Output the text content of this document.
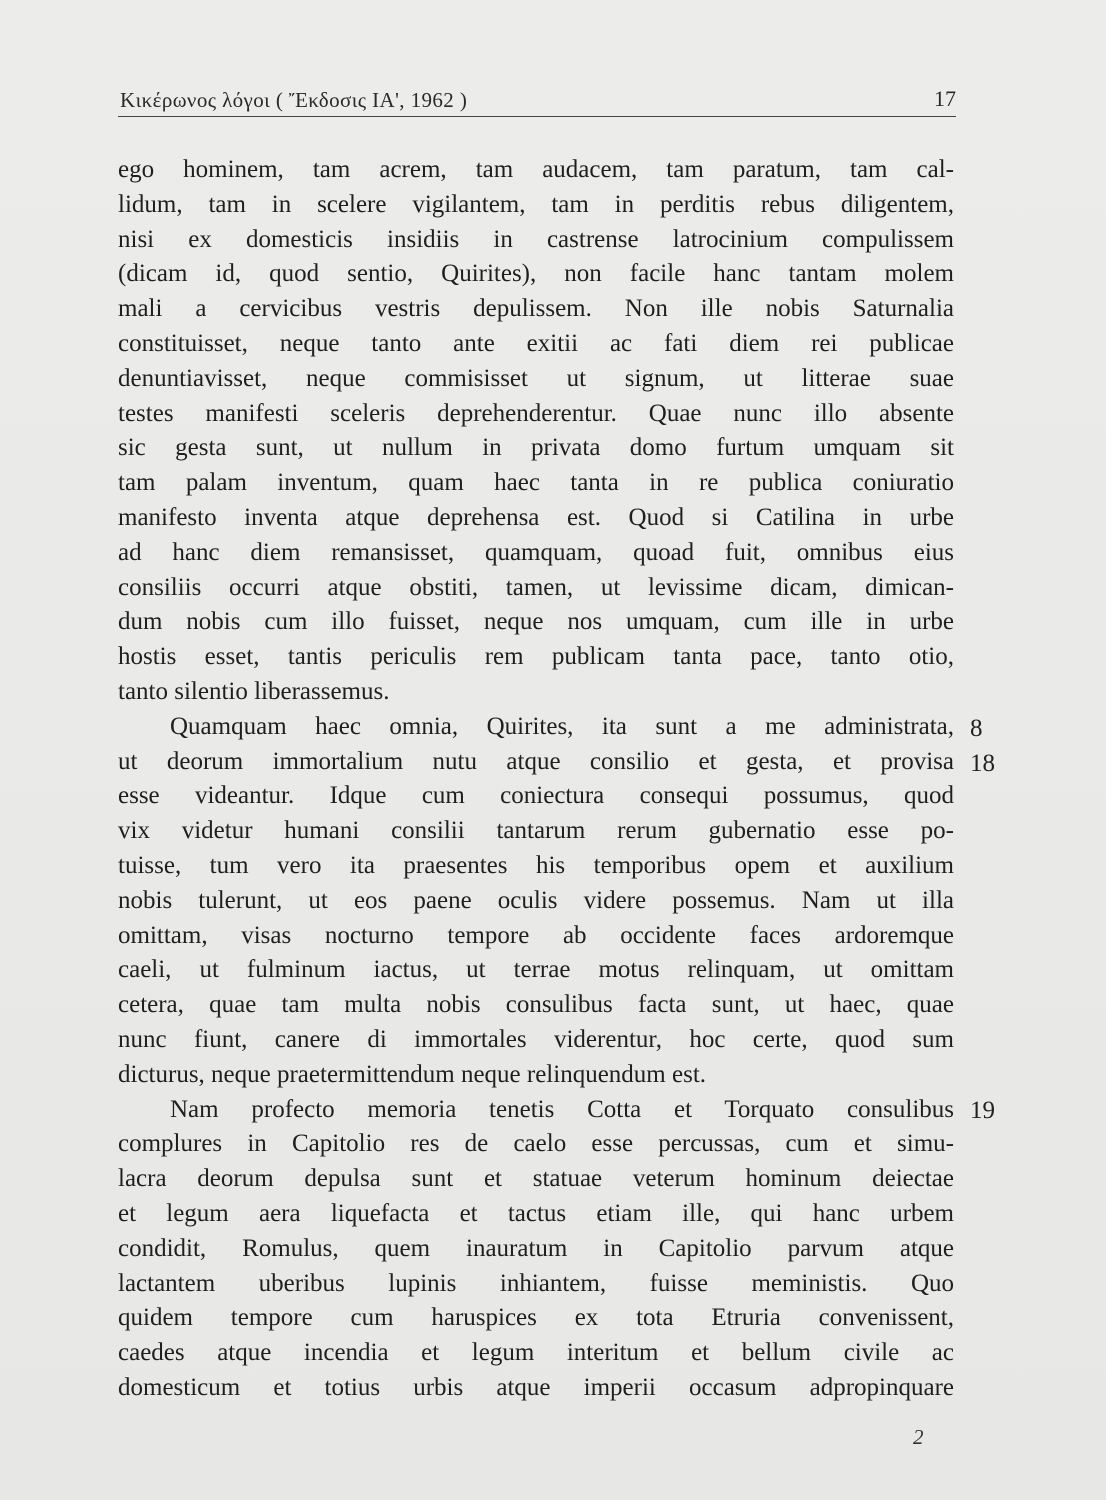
Κικέρωνος λόγοι ( Ἔκδοσις ΙΑ', 1962 )	17
ego hominem, tam acrem, tam audacem, tam paratum, tam cal-
lidum, tam in scelere vigilantem, tam in perditis rebus diligentem,
nisi ex domesticis insidiis in castrense latrocinium compulissem
(dicam id, quod sentio, Quirites), non facile hanc tantam molem
mali a cervicibus vestris depulissem. Non ille nobis Saturnalia
constituisset, neque tanto ante exitii ac fati diem rei publicae
denuntiavisset, neque commisisset ut signum, ut litterae suae
testes manifesti sceleris deprehenderentur. Quae nunc illo absente
sic gesta sunt, ut nullum in privata domo furtum umquam sit
tam palam inventum, quam haec tanta in re publica coniuratio
manifesto inventa atque deprehensa est. Quod si Catilina in urbe
ad hanc diem remansisset, quamquam, quoad fuit, omnibus eius
consiliis occurri atque obstiti, tamen, ut levissime dicam, dimican-
dum nobis cum illo fuisset, neque nos umquam, cum ille in urbe
hostis esset, tantis periculis rem publicam tanta pace, tanto otio,
tanto silentio liberassemus.
Quamquam haec omnia, Quirites, ita sunt a me administrata,
ut deorum immortalium nutu atque consilio et gesta, et provisa
esse videantur. Idque cum coniectura consequi possumus, quod
vix videtur humani consilii tantarum rerum gubernatio esse po-
tuisse, tum vero ita praesentes his temporibus opem et auxilium
nobis tulerunt, ut eos paene oculis videre possemus. Nam ut illa
omittam, visas nocturno tempore ab occidente faces ardoremque
caeli, ut fulminum iactus, ut terrae motus relinquam, ut omittam
cetera, quae tam multa nobis consulibus facta sunt, ut haec, quae
nunc fiunt, canere di immortales viderentur, hoc certe, quod sum
dicturus, neque praetermittendum neque relinquendum est.
Nam profecto memoria tenetis Cotta et Torquato consulibus
complures in Capitolio res de caelo esse percussas, cum et simu-
lacra deorum depulsa sunt et statuae veterum hominum deiectae
et legum aera liquefacta et tactus etiam ille, qui hanc urbem
condidit, Romulus, quem inauratum in Capitolio parvum atque
lactantem uberibus lupinis inhiantem, fuisse meministis. Quo
quidem tempore cum haruspices ex tota Etruria convenissent,
caedes atque incendia et legum interitum et bellum civile ac
domesticum et totius urbis atque imperii occasum adpropinquare
8
18
19
2
